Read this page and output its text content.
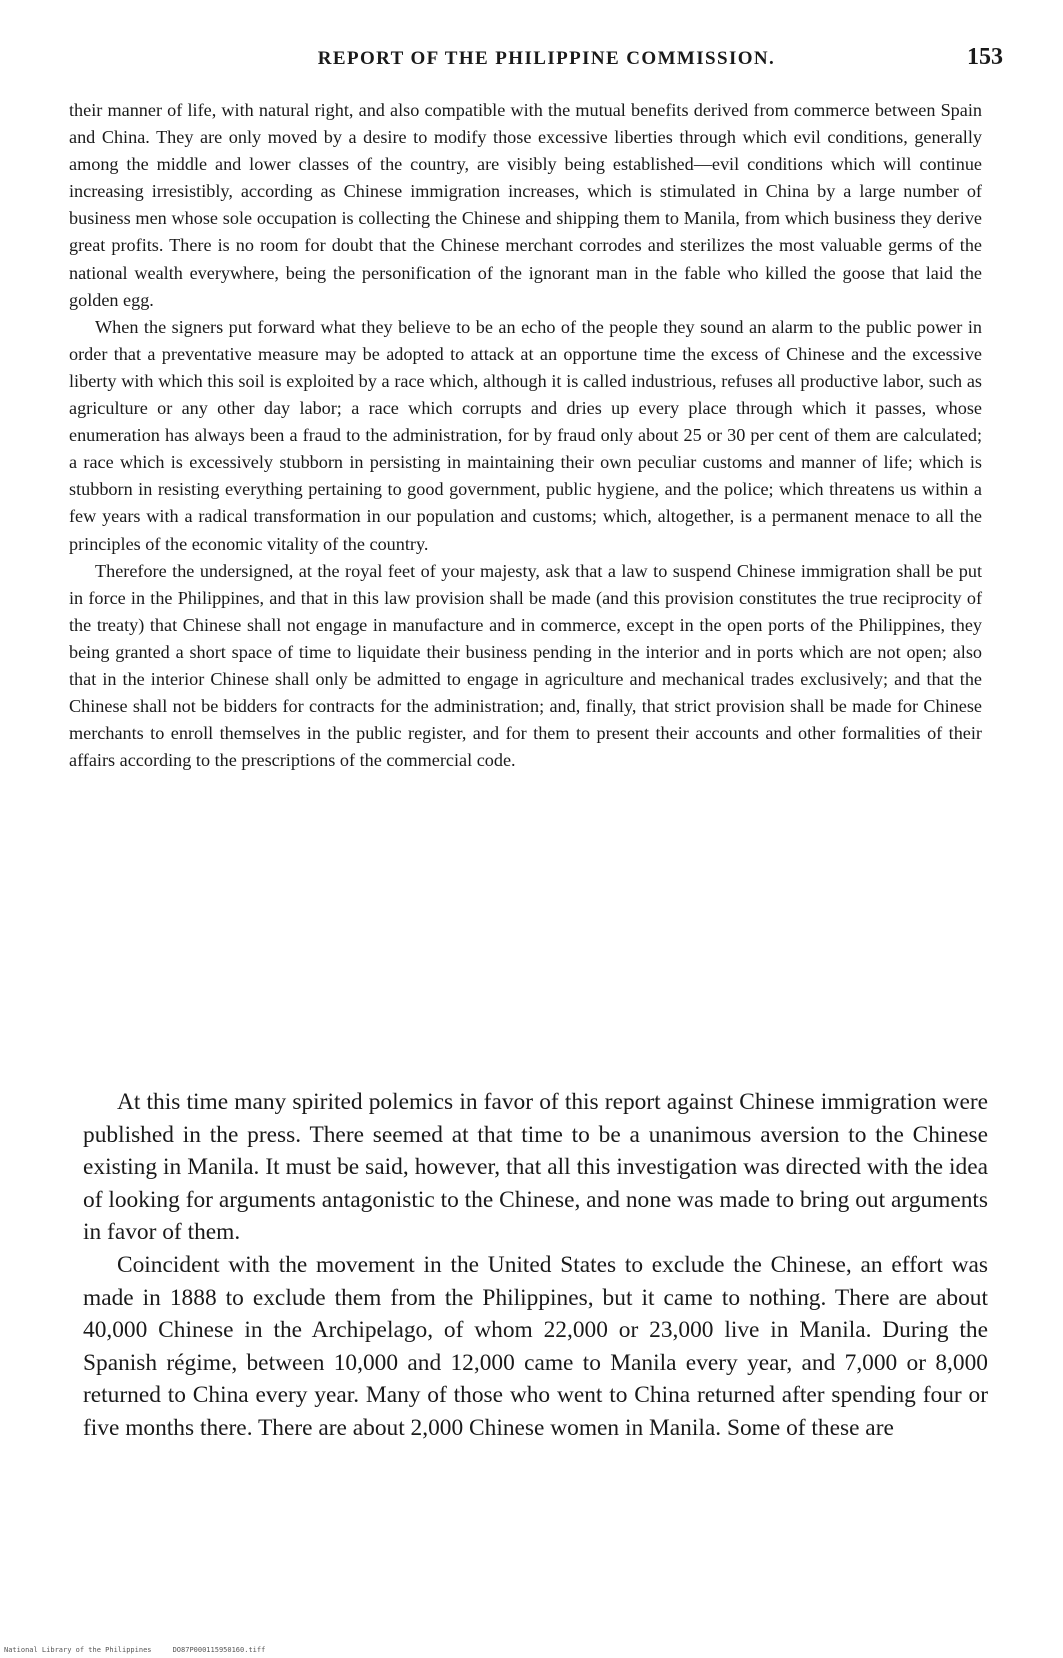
REPORT OF THE PHILIPPINE COMMISSION.	153

their manner of life, with natural right, and also compatible with the mutual benefits derived from commerce between Spain and China. They are only moved by a desire to modify those excessive liberties through which evil conditions, generally among the middle and lower classes of the country, are visibly being established—evil conditions which will continue increasing irresistibly, according as Chinese immigration increases, which is stimulated in China by a large number of business men whose sole occupation is collecting the Chinese and shipping them to Manila, from which business they derive great profits. There is no room for doubt that the Chinese merchant corrodes and sterilizes the most valuable germs of the national wealth everywhere, being the personification of the ignorant man in the fable who killed the goose that laid the golden egg.

When the signers put forward what they believe to be an echo of the people they sound an alarm to the public power in order that a preventative measure may be adopted to attack at an opportune time the excess of Chinese and the excessive liberty with which this soil is exploited by a race which, although it is called industrious, refuses all productive labor, such as agriculture or any other day labor; a race which corrupts and dries up every place through which it passes, whose enumeration has always been a fraud to the administration, for by fraud only about 25 or 30 per cent of them are calculated; a race which is excessively stubborn in persisting in maintaining their own peculiar customs and manner of life; which is stubborn in resisting everything pertaining to good government, public hygiene, and the police; which threatens us within a few years with a radical transformation in our population and customs; which, altogether, is a permanent menace to all the principles of the economic vitality of the country.

Therefore the undersigned, at the royal feet of your majesty, ask that a law to suspend Chinese immigration shall be put in force in the Philippines, and that in this law provision shall be made (and this provision constitutes the true reciprocity of the treaty) that Chinese shall not engage in manufacture and in commerce, except in the open ports of the Philippines, they being granted a short space of time to liquidate their business pending in the interior and in ports which are not open; also that in the interior Chinese shall only be admitted to engage in agriculture and mechanical trades exclusively; and that the Chinese shall not be bidders for contracts for the administration; and, finally, that strict provision shall be made for Chinese merchants to enroll themselves in the public register, and for them to present their accounts and other formalities of their affairs according to the prescriptions of the commercial code.

At this time many spirited polemics in favor of this report against Chinese immigration were published in the press. There seemed at that time to be a unanimous aversion to the Chinese existing in Manila. It must be said, however, that all this investigation was directed with the idea of looking for arguments antagonistic to the Chinese, and none was made to bring out arguments in favor of them.

Coincident with the movement in the United States to exclude the Chinese, an effort was made in 1888 to exclude them from the Philippines, but it came to nothing. There are about 40,000 Chinese in the Archipelago, of whom 22,000 or 23,000 live in Manila. During the Spanish régime, between 10,000 and 12,000 came to Manila every year, and 7,000 or 8,000 returned to China every year. Many of those who went to China returned after spending four or five months there. There are about 2,000 Chinese women in Manila. Some of these are

National Library of the Philippines	DO87P000115950160.tiff
